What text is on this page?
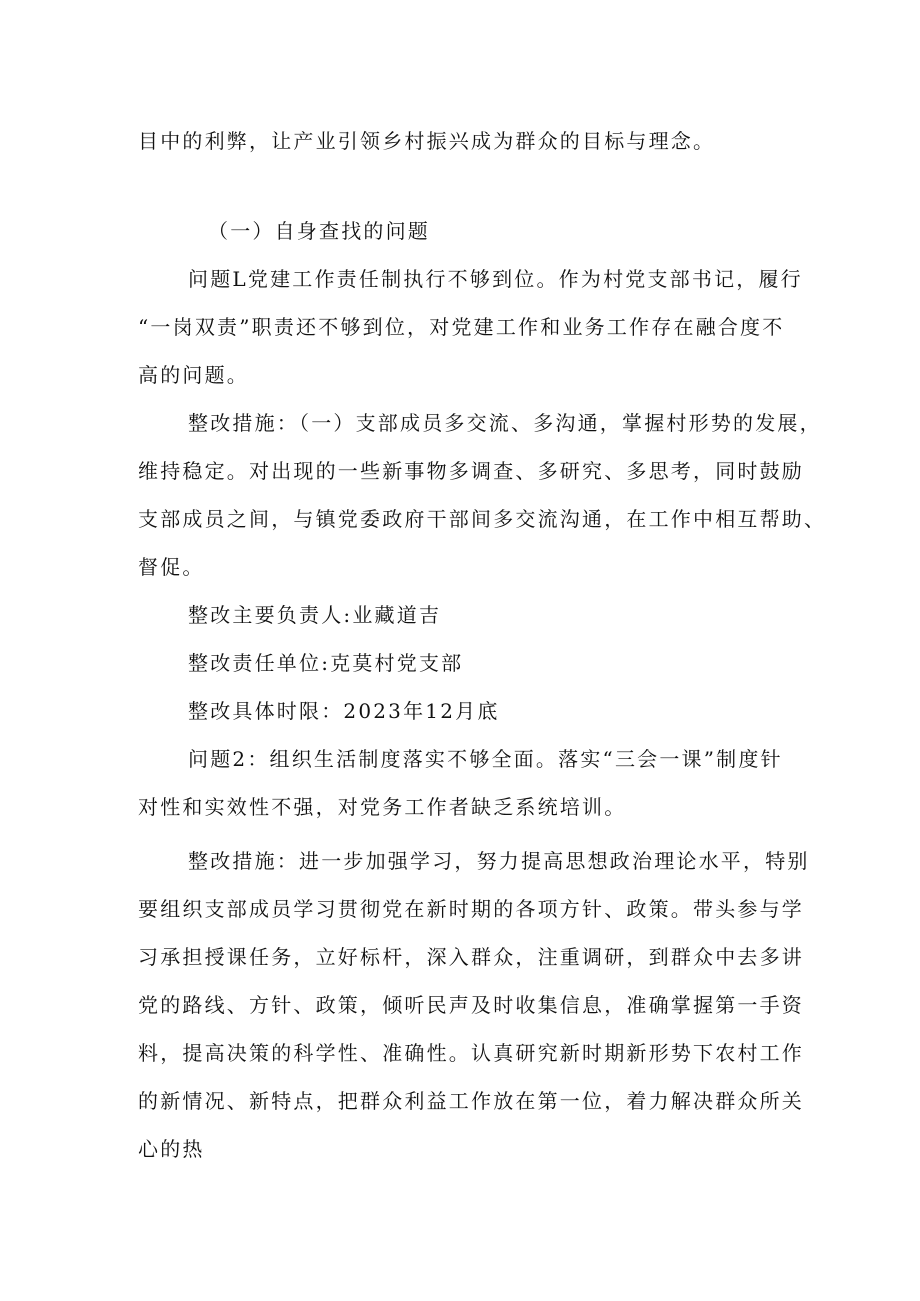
目中的利弊，让产业引领乡村振兴成为群众的目标与理念。
（一）自身查找的问题
问题L党建工作责任制执行不够到位。作为村党支部书记，履行
“一岗双责”职责还不够到位，对党建工作和业务工作存在融合度不
高的问题。
整改措施：（一）支部成员多交流、多沟通，掌握村形势的发展，
维持稳定。对出现的一些新事物多调查、多研究、多思考，同时鼓励
支部成员之间，与镇党委政府干部间多交流沟通，在工作中相互帮助、
督促。
整改主要负责人:业藏道吉
整改责任单位:克莫村党支部
整改具体时限：2023年12月底
问题2：组织生活制度落实不够全面。落实“三会一课”制度针
对性和实效性不强，对党务工作者缺乏系统培训。
整改措施：进一步加强学习，努力提高思想政治理论水平，特别
要组织支部成员学习贯彻党在新时期的各项方针、政策。带头参与学
习承担授课任务，立好标杆，深入群众，注重调研，到群众中去多讲
党的路线、方针、政策，倾听民声及时收集信息，准确掌握第一手资
料，提高决策的科学性、准确性。认真研究新时期新形势下农村工作
的新情况、新特点，把群众利益工作放在第一位，着力解决群众所关
心的热
